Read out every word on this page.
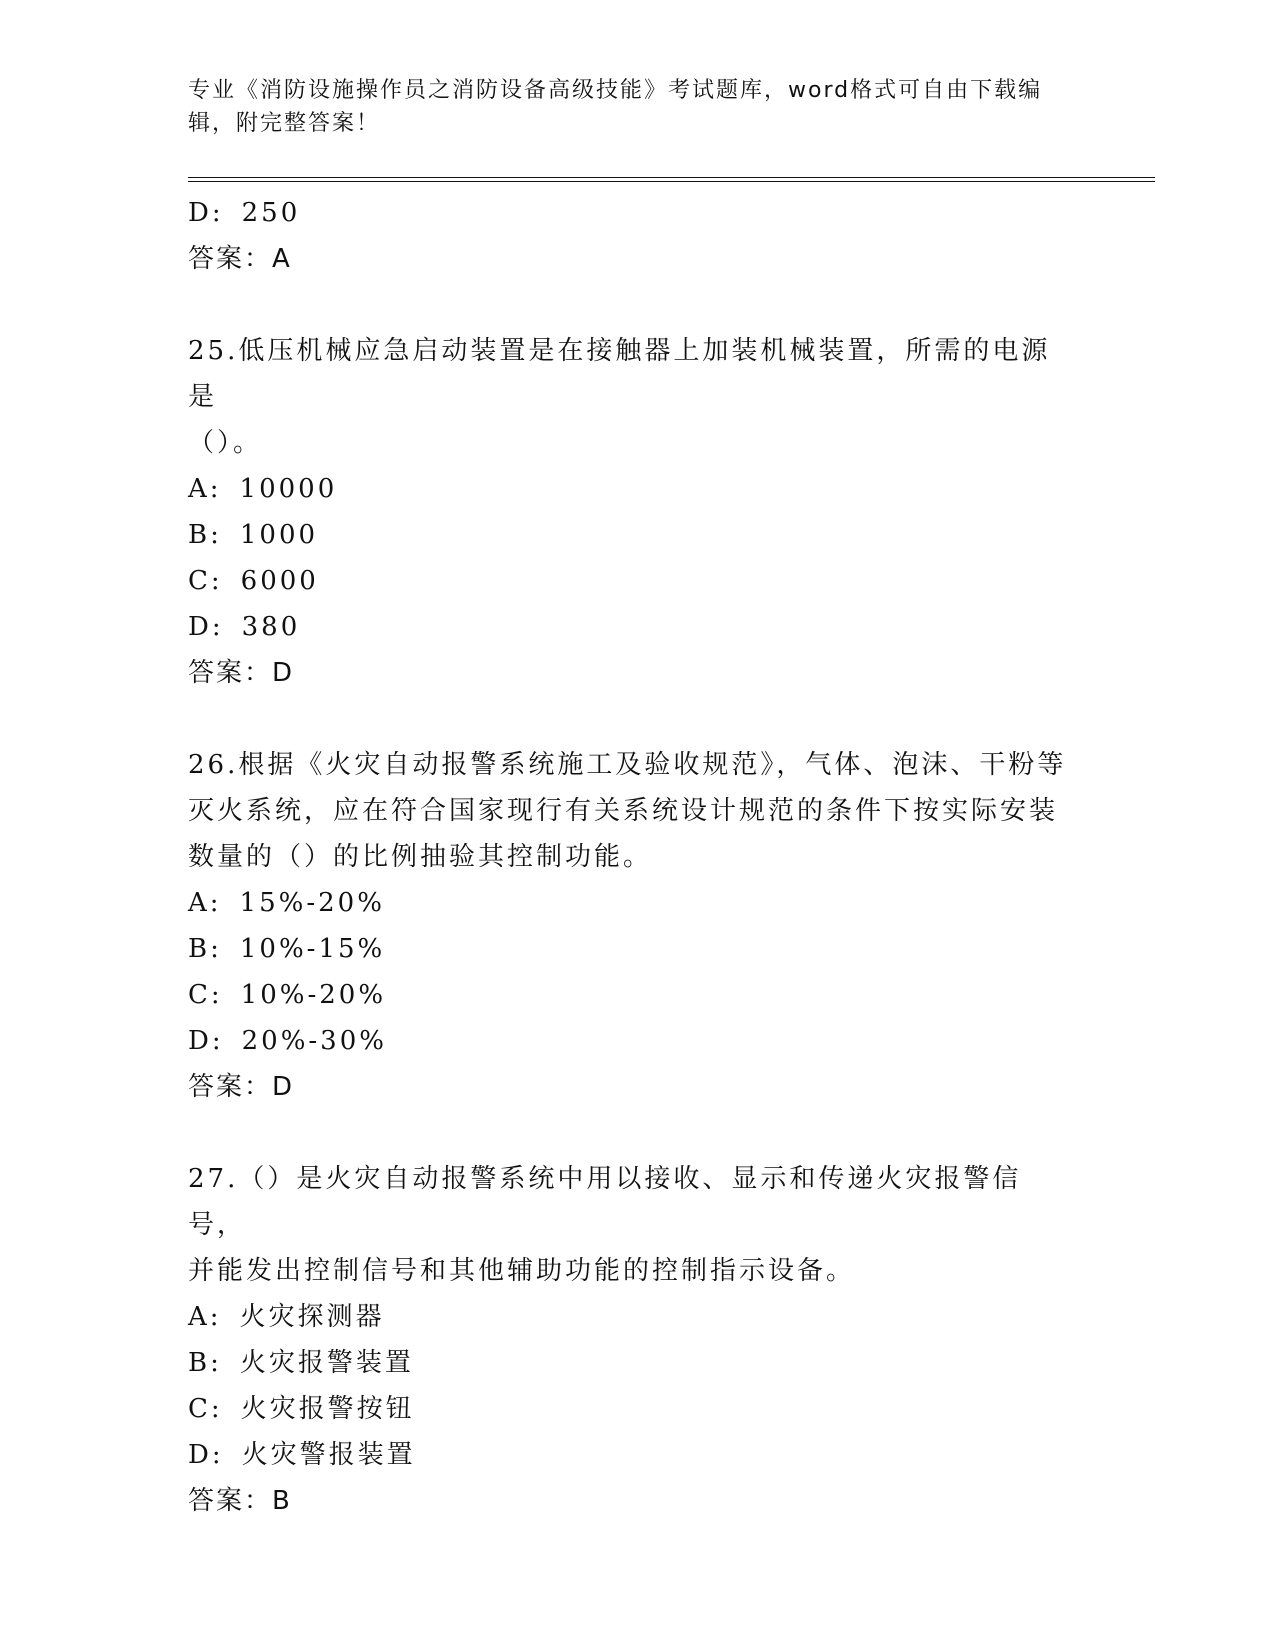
专业《消防设施操作员之消防设备高级技能》考试题库，word格式可自由下载编
辑，附完整答案！
D: 250
答案：A
25.低压机械应急启动装置是在接触器上加装机械装置，所需的电源是
（）。
A: 10000
B: 1000
C: 6000
D: 380
答案：D
26.根据《火灾自动报警系统施工及验收规范》，气体、泡沫、干粉等
灭火系统，应在符合国家现行有关系统设计规范的条件下按实际安装
数量的（）的比例抽验其控制功能。
A: 15%-20%
B: 10%-15%
C: 10%-20%
D: 20%-30%
答案：D
27.（）是火灾自动报警系统中用以接收、显示和传递火灾报警信号，
并能发出控制信号和其他辅助功能的控制指示设备。
A: 火灾探测器
B: 火灾报警装置
C: 火灾报警按钮
D: 火灾警报装置
答案：B
